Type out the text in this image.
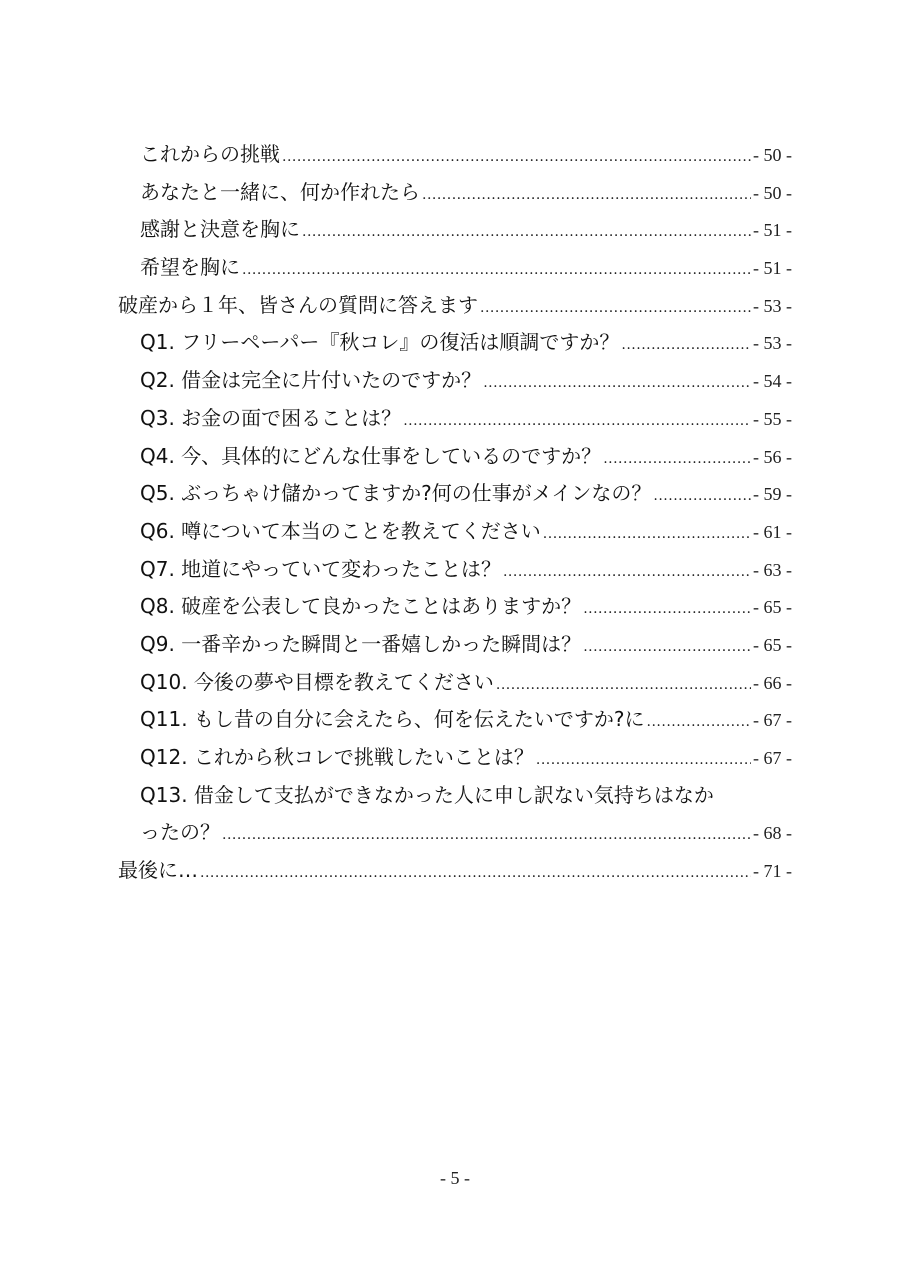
これからの挑戦 .....	- 50 -
あなたと一緒に、何か作れたら .....	- 50 -
感謝と決意を胸に .....	- 51 -
希望を胸に .....	- 51 -
破産から１年、皆さんの質問に答えます .....	- 53 -
Q1. フリーペーパー『秋コレ』の復活は順調ですか？ .....	- 53 -
Q2. 借金は完全に片付いたのですか？ .....	- 54 -
Q3. お金の面で困ることは？ .....	- 55 -
Q4. 今、具体的にどんな仕事をしているのですか？ .....	- 56 -
Q5. ぶっちゃけ儲かってますか?何の仕事がメインなの？ .....	- 59 -
Q6. 噂について本当のことを教えてください .....	- 61 -
Q7. 地道にやっていて変わったことは？ .....	- 63 -
Q8. 破産を公表して良かったことはありますか？ .....	- 65 -
Q9. 一番辛かった瞬間と一番嬉しかった瞬間は？ .....	- 65 -
Q10. 今後の夢や目標を教えてください .....	- 66 -
Q11. もし昔の自分に会えたら、何を伝えたいですか?に .....	- 67 -
Q12. これから秋コレで挑戦したいことは？ .....	- 67 -
Q13. 借金して支払ができなかった人に申し訳ない気持ちはなか
ったの？ .....	- 68 -
最後に… .....	- 71 -
- 5 -
